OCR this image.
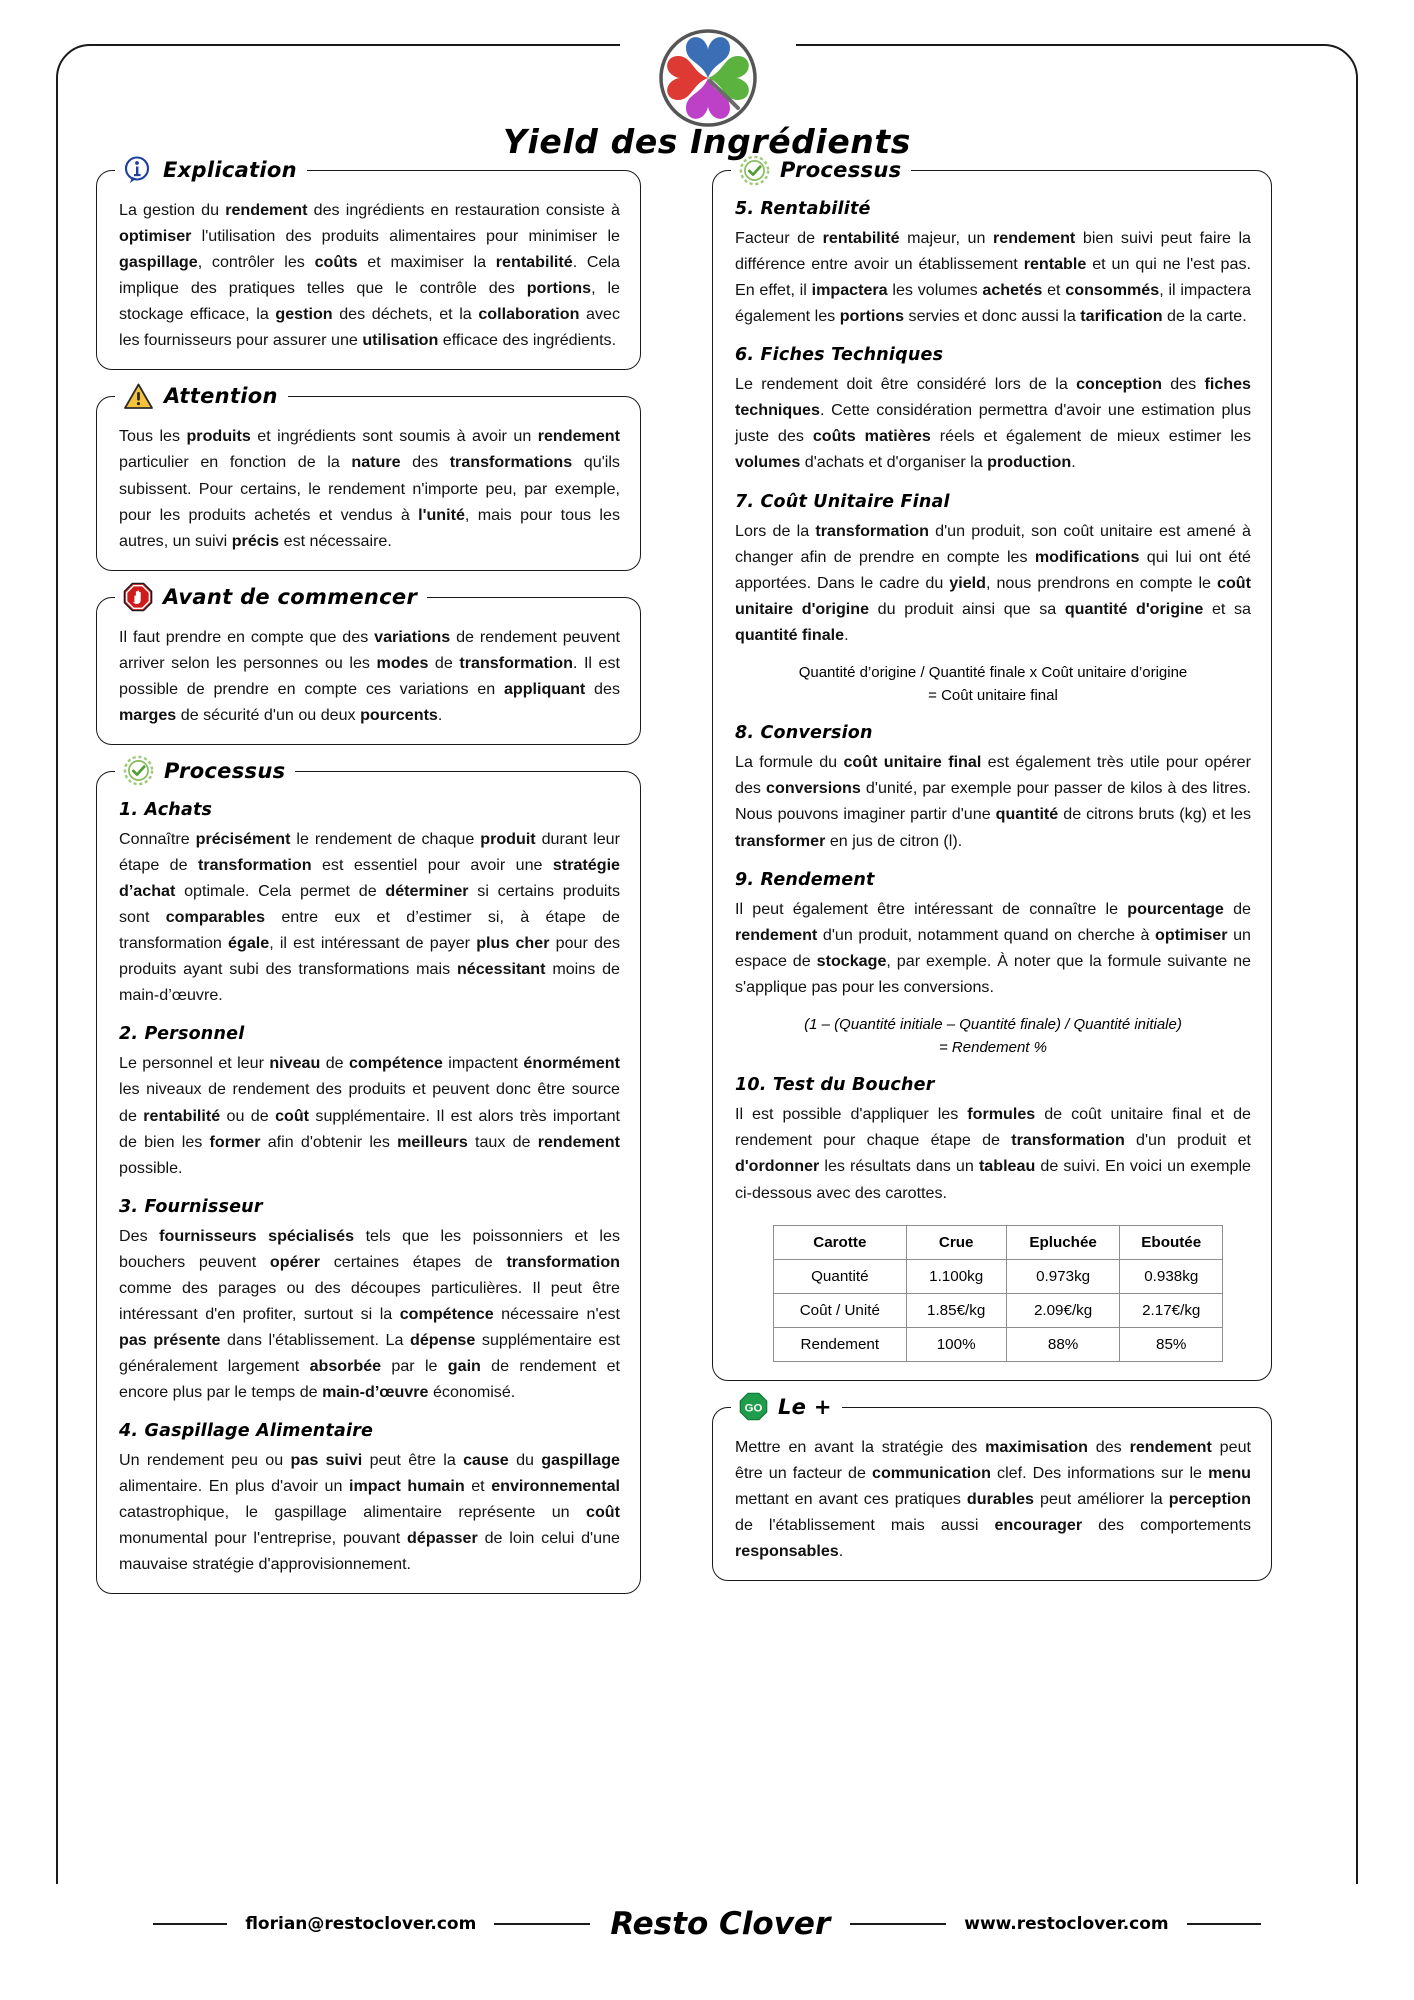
Yield des Ingrédients
Explication

La gestion du rendement des ingrédients en restauration consiste à optimiser l'utilisation des produits alimentaires pour minimiser le gaspillage, contrôler les coûts et maximiser la rentabilité. Cela implique des pratiques telles que le contrôle des portions, le stockage efficace, la gestion des déchets, et la collaboration avec les fournisseurs pour assurer une utilisation efficace des ingrédients.

Attention

Tous les produits et ingrédients sont soumis à avoir un rendement particulier en fonction de la nature des transformations qu'ils subissent. Pour certains, le rendement n'importe peu, par exemple, pour les produits achetés et vendus à l'unité, mais pour tous les autres, un suivi précis est nécessaire.

Avant de commencer

Il faut prendre en compte que des variations de rendement peuvent arriver selon les personnes ou les modes de transformation. Il est possible de prendre en compte ces variations en appliquant des marges de sécurité d'un ou deux pourcents.

Processus
1. Achats

Connaître précisément le rendement de chaque produit durant leur étape de transformation est essentiel pour avoir une stratégie d’achat optimale. Cela permet de déterminer si certains produits sont comparables entre eux et d’estimer si, à étape de transformation égale, il est intéressant de payer plus cher pour des produits ayant subi des transformations mais nécessitant moins de main-d’œuvre.

2. Personnel

Le personnel et leur niveau de compétence impactent énormément les niveaux de rendement des produits et peuvent donc être source de rentabilité ou de coût supplémentaire. Il est alors très important de bien les former afin d'obtenir les meilleurs taux de rendement possible.

3. Fournisseur

Des fournisseurs spécialisés tels que les poissonniers et les bouchers peuvent opérer certaines étapes de transformation comme des parages ou des découpes particulières. Il peut être intéressant d'en profiter, surtout si la compétence nécessaire n'est pas présente dans l'établissement. La dépense supplémentaire est généralement largement absorbée par le gain de rendement et encore plus par le temps de main-d’œuvre économisé.

4. Gaspillage Alimentaire

Un rendement peu ou pas suivi peut être la cause du gaspillage alimentaire. En plus d'avoir un impact humain et environnemental catastrophique, le gaspillage alimentaire représente un coût monumental pour l'entreprise, pouvant dépasser de loin celui d'une mauvaise stratégie d'approvisionnement.

Processus
5. Rentabilité

Facteur de rentabilité majeur, un rendement bien suivi peut faire la différence entre avoir un établissement rentable et un qui ne l'est pas. En effet, il impactera les volumes achetés et consommés, il impactera également les portions servies et donc aussi la tarification de la carte.

6. Fiches Techniques

Le rendement doit être considéré lors de la conception des fiches techniques. Cette considération permettra d'avoir une estimation plus juste des coûts matières réels et également de mieux estimer les volumes d'achats et d'organiser la production.

7. Coût Unitaire Final

Lors de la transformation d'un produit, son coût unitaire est amené à changer afin de prendre en compte les modifications qui lui ont été apportées. Dans le cadre du yield, nous prendrons en compte le coût unitaire d'origine du produit ainsi que sa quantité d'origine et sa quantité finale.

Quantité d’origine / Quantité finale x Coût unitaire d’origine
= Coût unitaire final
8. Conversion

La formule du coût unitaire final est également très utile pour opérer des conversions d'unité, par exemple pour passer de kilos à des litres. Nous pouvons imaginer partir d'une quantité de citrons bruts (kg) et les transformer en jus de citron (l).

9. Rendement

Il peut également être intéressant de connaître le pourcentage de rendement d'un produit, notamment quand on cherche à optimiser un espace de stockage, par exemple. À noter que la formule suivante ne s'applique pas pour les conversions.

(1 – (Quantité initiale – Quantité finale) / Quantité initiale)
= Rendement %
10. Test du Boucher

Il est possible d'appliquer les formules de coût unitaire final et de rendement pour chaque étape de transformation d'un produit et d'ordonner les résultats dans un tableau de suivi. En voici un exemple ci-dessous avec des carottes.

Carotte	Crue	Epluchée	Eboutée
Quantité	1.100kg	0.973kg	0.938kg
Coût / Unité	1.85€/kg	2.09€/kg	2.17€/kg
Rendement	100%	88%	85%
GO Le +

Mettre en avant la stratégie des maximisation des rendement peut être un facteur de communication clef. Des informations sur le menu mettant en avant ces pratiques durables peut améliorer la perception de l'établissement mais aussi encourager des comportements responsables.

florian@restoclover.com	Resto Clover	www.restoclover.com
